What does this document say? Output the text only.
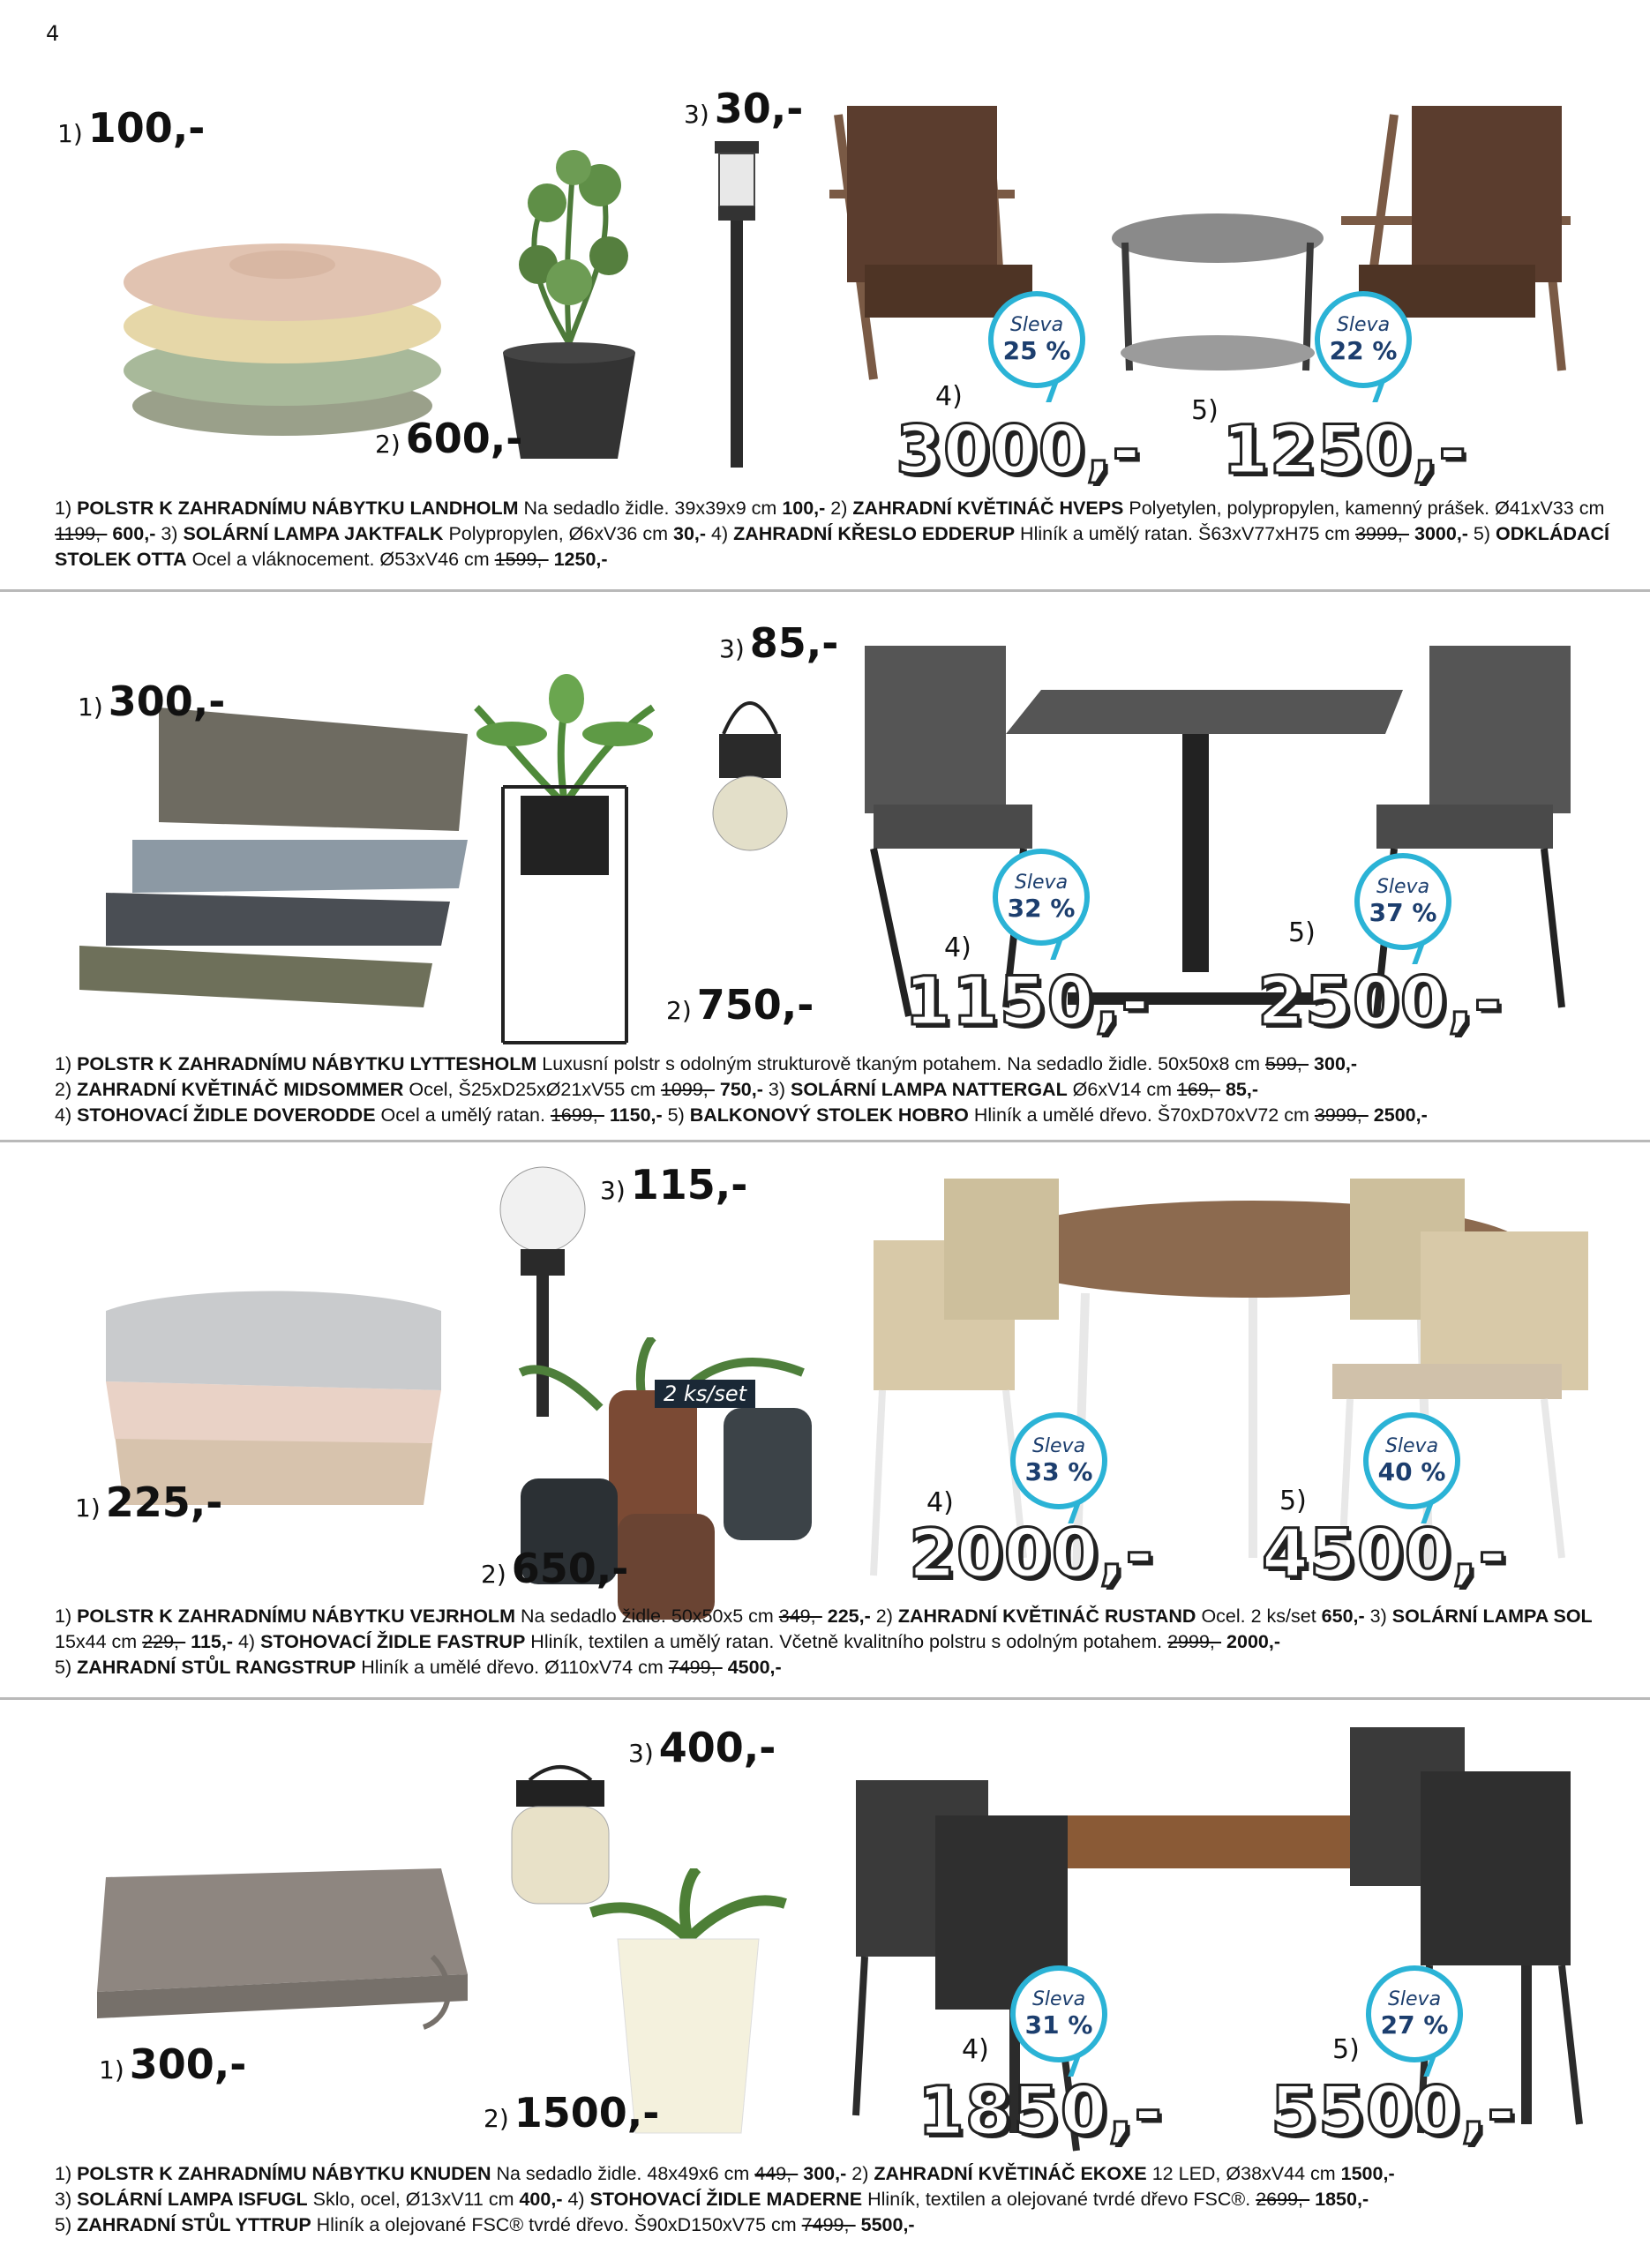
4
1) 100,-
2) 600,-
3) 30,-
4)
3000,- 5) 1250,-
Sleva
25 %
Sleva
22 %
1) POLSTR K ZAHRADNÍMU NÁBYTKU LANDHOLM Na sedadlo židle. 39x39x9 cm 100,- 2) ZAHRADNÍ KVĚTINÁČ HVEPS Polyetylen, polypropylen, kamenný prášek. Ø41xV33 cm 1199,- 600,- 3) SOLÁRNÍ LAMPA JAKTFALK Polypropylen, Ø6xV36 cm 30,- 4) ZAHRADNÍ KŘESLO EDDERUP Hliník a umělý ratan. Š63xV77xH75 cm 3999,- 3000,- 5) ODKLÁDACÍ STOLEK OTTA Ocel a vláknocement. Ø53xV46 cm 1599,- 1250,-
1) 300,-
2) 750,-
3) 85,-
4)
1150,-
5)
2500,-
Sleva
32 %
Sleva
37 %
1) POLSTR K ZAHRADNÍMU NÁBYTKU LYTTESHOLM Luxusní polstr s odolným strukturově tkaným potahem. Na sedadlo židle. 50x50x8 cm 599,- 300,-
2) ZAHRADNÍ KVĚTINÁČ MIDSOMMER Ocel, Š25xD25xØ21xV55 cm 1099,- 750,- 3) SOLÁRNÍ LAMPA NATTERGAL Ø6xV14 cm 169,- 85,-
4) STOHOVACÍ ŽIDLE DOVERODDE Ocel a umělý ratan. 1699,- 1150,- 5) BALKONOVÝ STOLEK HOBRO Hliník a umělé dřevo. Š70xD70xV72 cm 3999,- 2500,-
2 ks/set
1) 225,-
2) 650,-
3) 115,-
4)
2000,-
5)
4500,-
Sleva
33 %
Sleva
40 %
1) POLSTR K ZAHRADNÍMU NÁBYTKU VEJRHOLM Na sedadlo židle. 50x50x5 cm 349,- 225,- 2) ZAHRADNÍ KVĚTINÁČ RUSTAND Ocel. 2 ks/set 650,- 3) SOLÁRNÍ LAMPA SOL 15x44 cm 229,- 115,- 4) STOHOVACÍ ŽIDLE FASTRUP Hliník, textilen a umělý ratan. Včetně kvalitního polstru s odolným potahem. 2999,- 2000,-
5) ZAHRADNÍ STŮL RANGSTRUP Hliník a umělé dřevo. Ø110xV74 cm 7499,- 4500,-
1) 300,-
2) 1500,-
3) 400,-
4)
1850,-
5)
5500,-
Sleva
31 %
Sleva
27 %
1) POLSTR K ZAHRADNÍMU NÁBYTKU KNUDEN Na sedadlo židle. 48x49x6 cm 449,- 300,- 2) ZAHRADNÍ KVĚTINÁČ EKOXE 12 LED, Ø38xV44 cm 1500,-
3) SOLÁRNÍ LAMPA ISFUGL Sklo, ocel, Ø13xV11 cm 400,- 4) STOHOVACÍ ŽIDLE MADERNE Hliník, textilen a olejované tvrdé dřevo FSC®. 2699,- 1850,-
5) ZAHRADNÍ STŮL YTTRUP Hliník a olejované FSC® tvrdé dřevo. Š90xD150xV75 cm 7499,- 5500,-
